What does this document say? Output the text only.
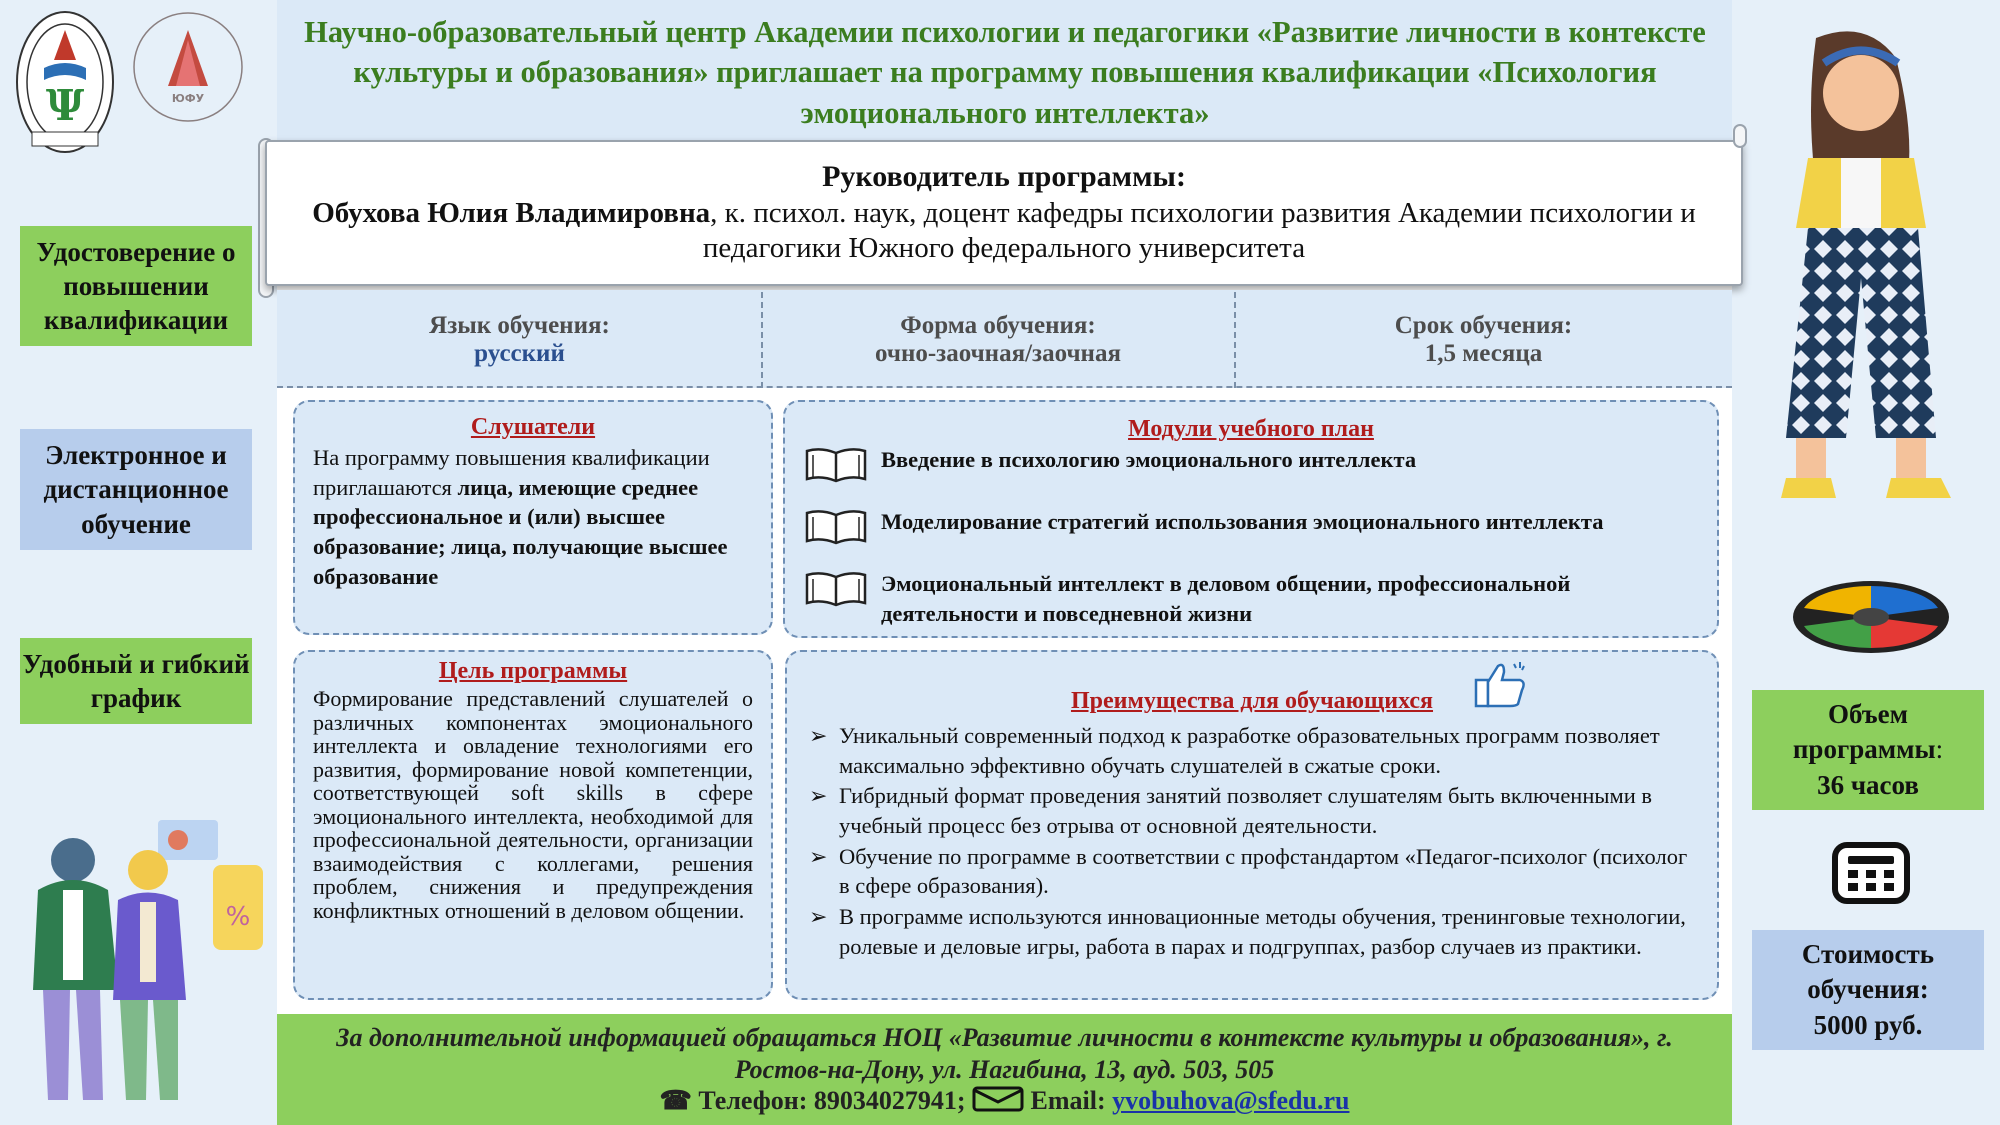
Ψ	ЮФУ
Удостоверение о повышении квалификации
Электронное и дистанционное обучение
Удобный и гибкий график
%
Объем программы:
36 часов
Стоимость обучения:
5000 руб.
Научно-образовательный центр Академии психологии и педагогики «Развитие личности в контексте культуры и образования» приглашает на программу повышения квалификации «Психология эмоционального интеллекта»
Руководитель программы:
Обухова Юлия Владимировна, к. психол. наук, доцент кафедры психологии развития Академии психологии и педагогики Южного федерального университета
Язык обучения:
русский
Форма обучения:
очно-заочная/заочная
Срок обучения:
1,5 месяца
Слушатели
На программу повышения квалификации приглашаются лица, имеющие среднее профессиональное и (или) высшее образование; лица, получающие высшее образование
Модули учебного план
Введение в психологию эмоционального интеллекта
Моделирование стратегий использования эмоционального интеллекта
Эмоциональный интеллект в деловом общении, профессиональной деятельности и повседневной жизни
Цель программы
Формирование представлений слушателей о различных компонентах эмоционального интеллекта и овладение технологиями его развития, формирование новой компетенции, соответствующей soft skills в сфере эмоционального интеллекта, необходимой для профессиональной деятельности, организации взаимодействия с коллегами, решения проблем, снижения и предупреждения конфликтных отношений в деловом общении.
Преимущества для обучающихся
➢ Уникальный современный подход к разработке образовательных программ позволяет максимально эффективно обучать слушателей в сжатые сроки.
➢ Гибридный формат проведения занятий позволяет слушателям быть включенными в учебный процесс без отрыва от основной деятельности.
➢ Обучение по программе в соответствии с профстандартом «Педагог-психолог (психолог в сфере образования).
➢ В программе используются инновационные методы обучения, тренинговые технологии, ролевые и деловые игры, работа в парах и подгруппах, разбор случаев из практики.
За дополнительной информацией обращаться НОЦ «Развитие личности в контексте культуры и образования», г. Ростов-на-Дону, ул. Нагибина, 13, ауд. 503, 505
☎ Телефон: 89034027941;	Email: yvobuhova@sfedu.ru
